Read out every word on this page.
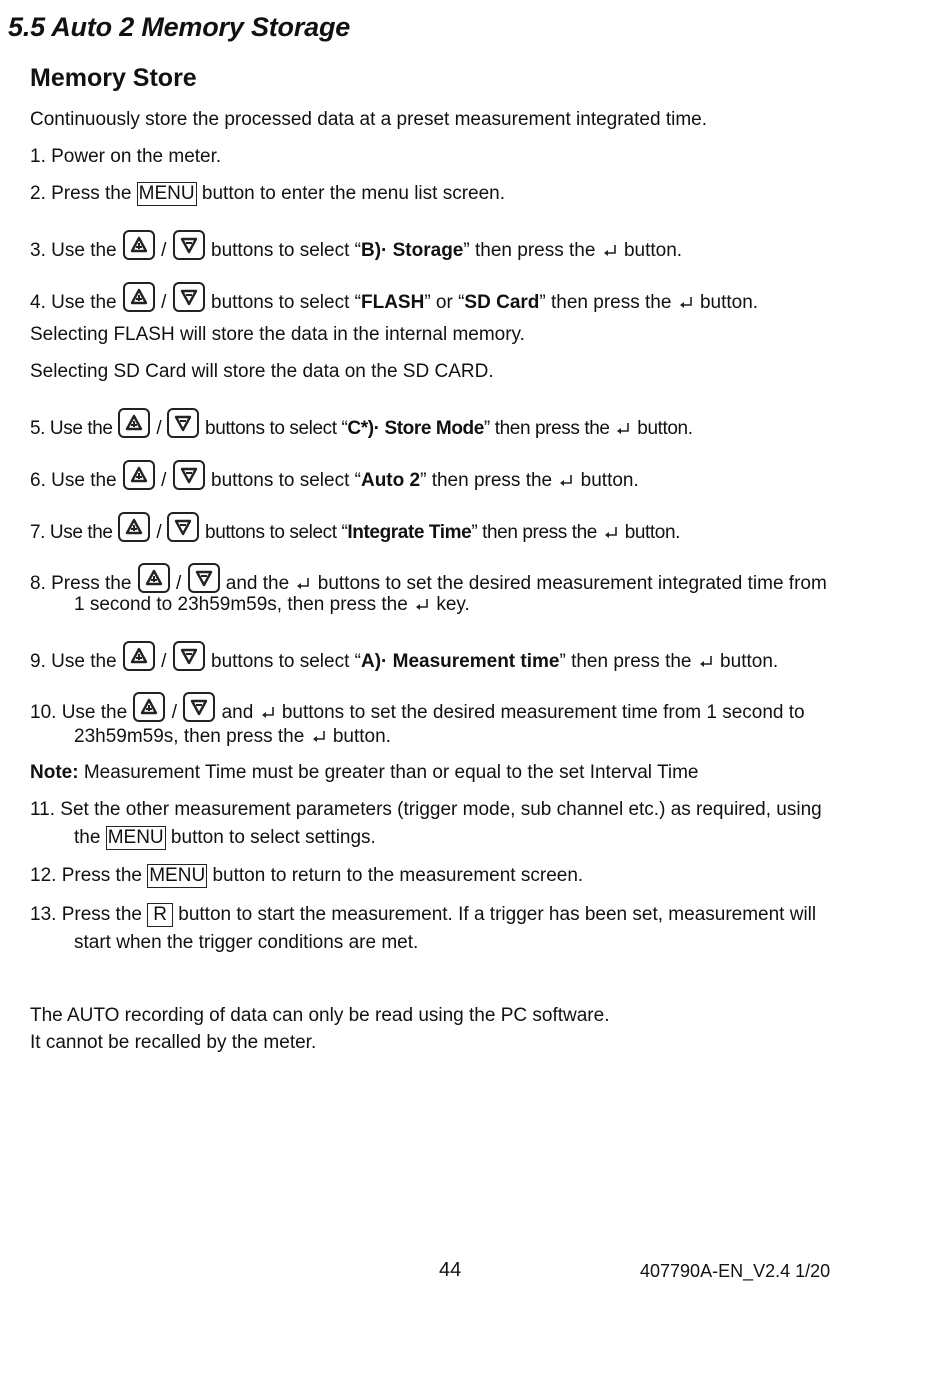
5.5 Auto 2 Memory Storage
Memory Store
Continuously store the processed data at a preset measurement integrated time.
1. Power on the meter.
2. Press the MENU button to enter the menu list screen.
3. Use the
/
buttons to select “B)· Storage” then press the  button.
4. Use the
/
buttons to select “FLASH” or “SD Card” then press the  button.
Selecting FLASH will store the data in the internal memory.
Selecting SD Card will store the data on the SD CARD.
5. Use the
/
buttons to select “C*)· Store Mode” then press the  button.
6. Use the
/
buttons to select “Auto 2” then press the  button.
7. Use the
/
buttons to select “Integrate Time” then press the  button.
8. Press the
/
and the  buttons to set the desired measurement integrated time from
1 second to 23h59m59s, then press the  key.
9. Use the
/
buttons to select “A)· Measurement time” then press the  button.
10. Use the
/
and  buttons to set the desired measurement time from 1 second to
23h59m59s, then press the  button.
Note: Measurement Time must be greater than or equal to the set Interval Time
11. Set the other measurement parameters (trigger mode, sub channel etc.) as required, using
the MENU button to select settings.
12. Press the MENU button to return to the measurement screen.
13. Press the R button to start the measurement. If a trigger has been set, measurement will
start when the trigger conditions are met.
The AUTO recording of data can only be read using the PC software.
It cannot be recalled by the meter.
44	407790A-EN_V2.4 1/20
